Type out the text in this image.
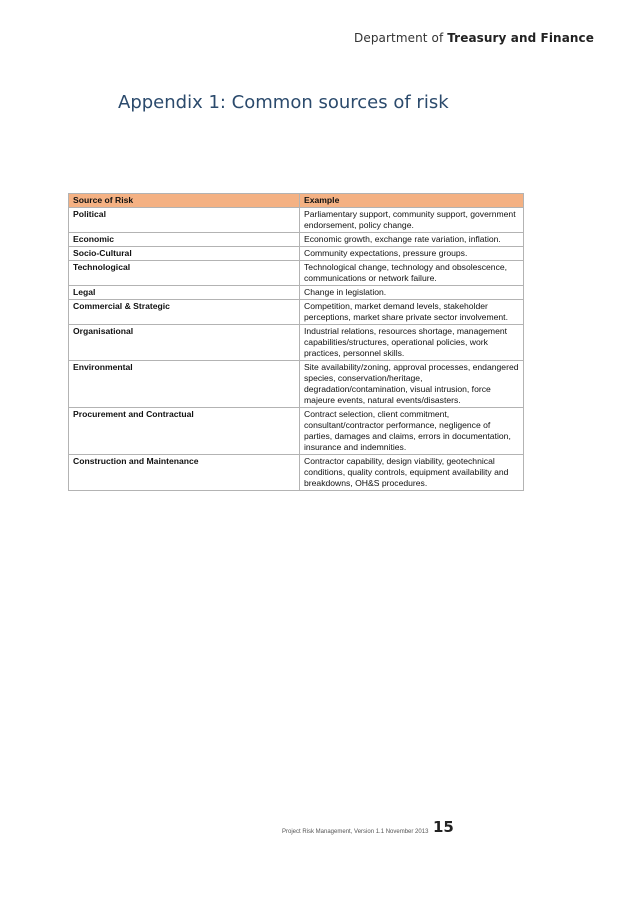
Department of Treasury and Finance
Appendix 1: Common sources of risk
Source of Risk	Example
Political	Parliamentary support, community support, government endorsement, policy change.
Economic	Economic growth, exchange rate variation, inflation.
Socio-Cultural	Community expectations, pressure groups.
Technological	Technological change, technology and obsolescence, communications or network failure.
Legal	Change in legislation.
Commercial & Strategic	Competition, market demand levels, stakeholder perceptions, market share private sector involvement.
Organisational	Industrial relations, resources shortage, management capabilities/structures, operational policies, work practices, personnel skills.
Environmental	Site availability/zoning, approval processes, endangered species, conservation/heritage, degradation/contamination, visual intrusion, force majeure events, natural events/disasters.
Procurement and Contractual	Contract selection, client commitment, consultant/contractor performance, negligence of parties, damages and claims, errors in documentation, insurance and indemnities.
Construction and Maintenance	Contractor capability, design viability, geotechnical conditions, quality controls, equipment availability and breakdowns, OH&S procedures.
Project Risk Management, Version 1.1 November 2013 15
